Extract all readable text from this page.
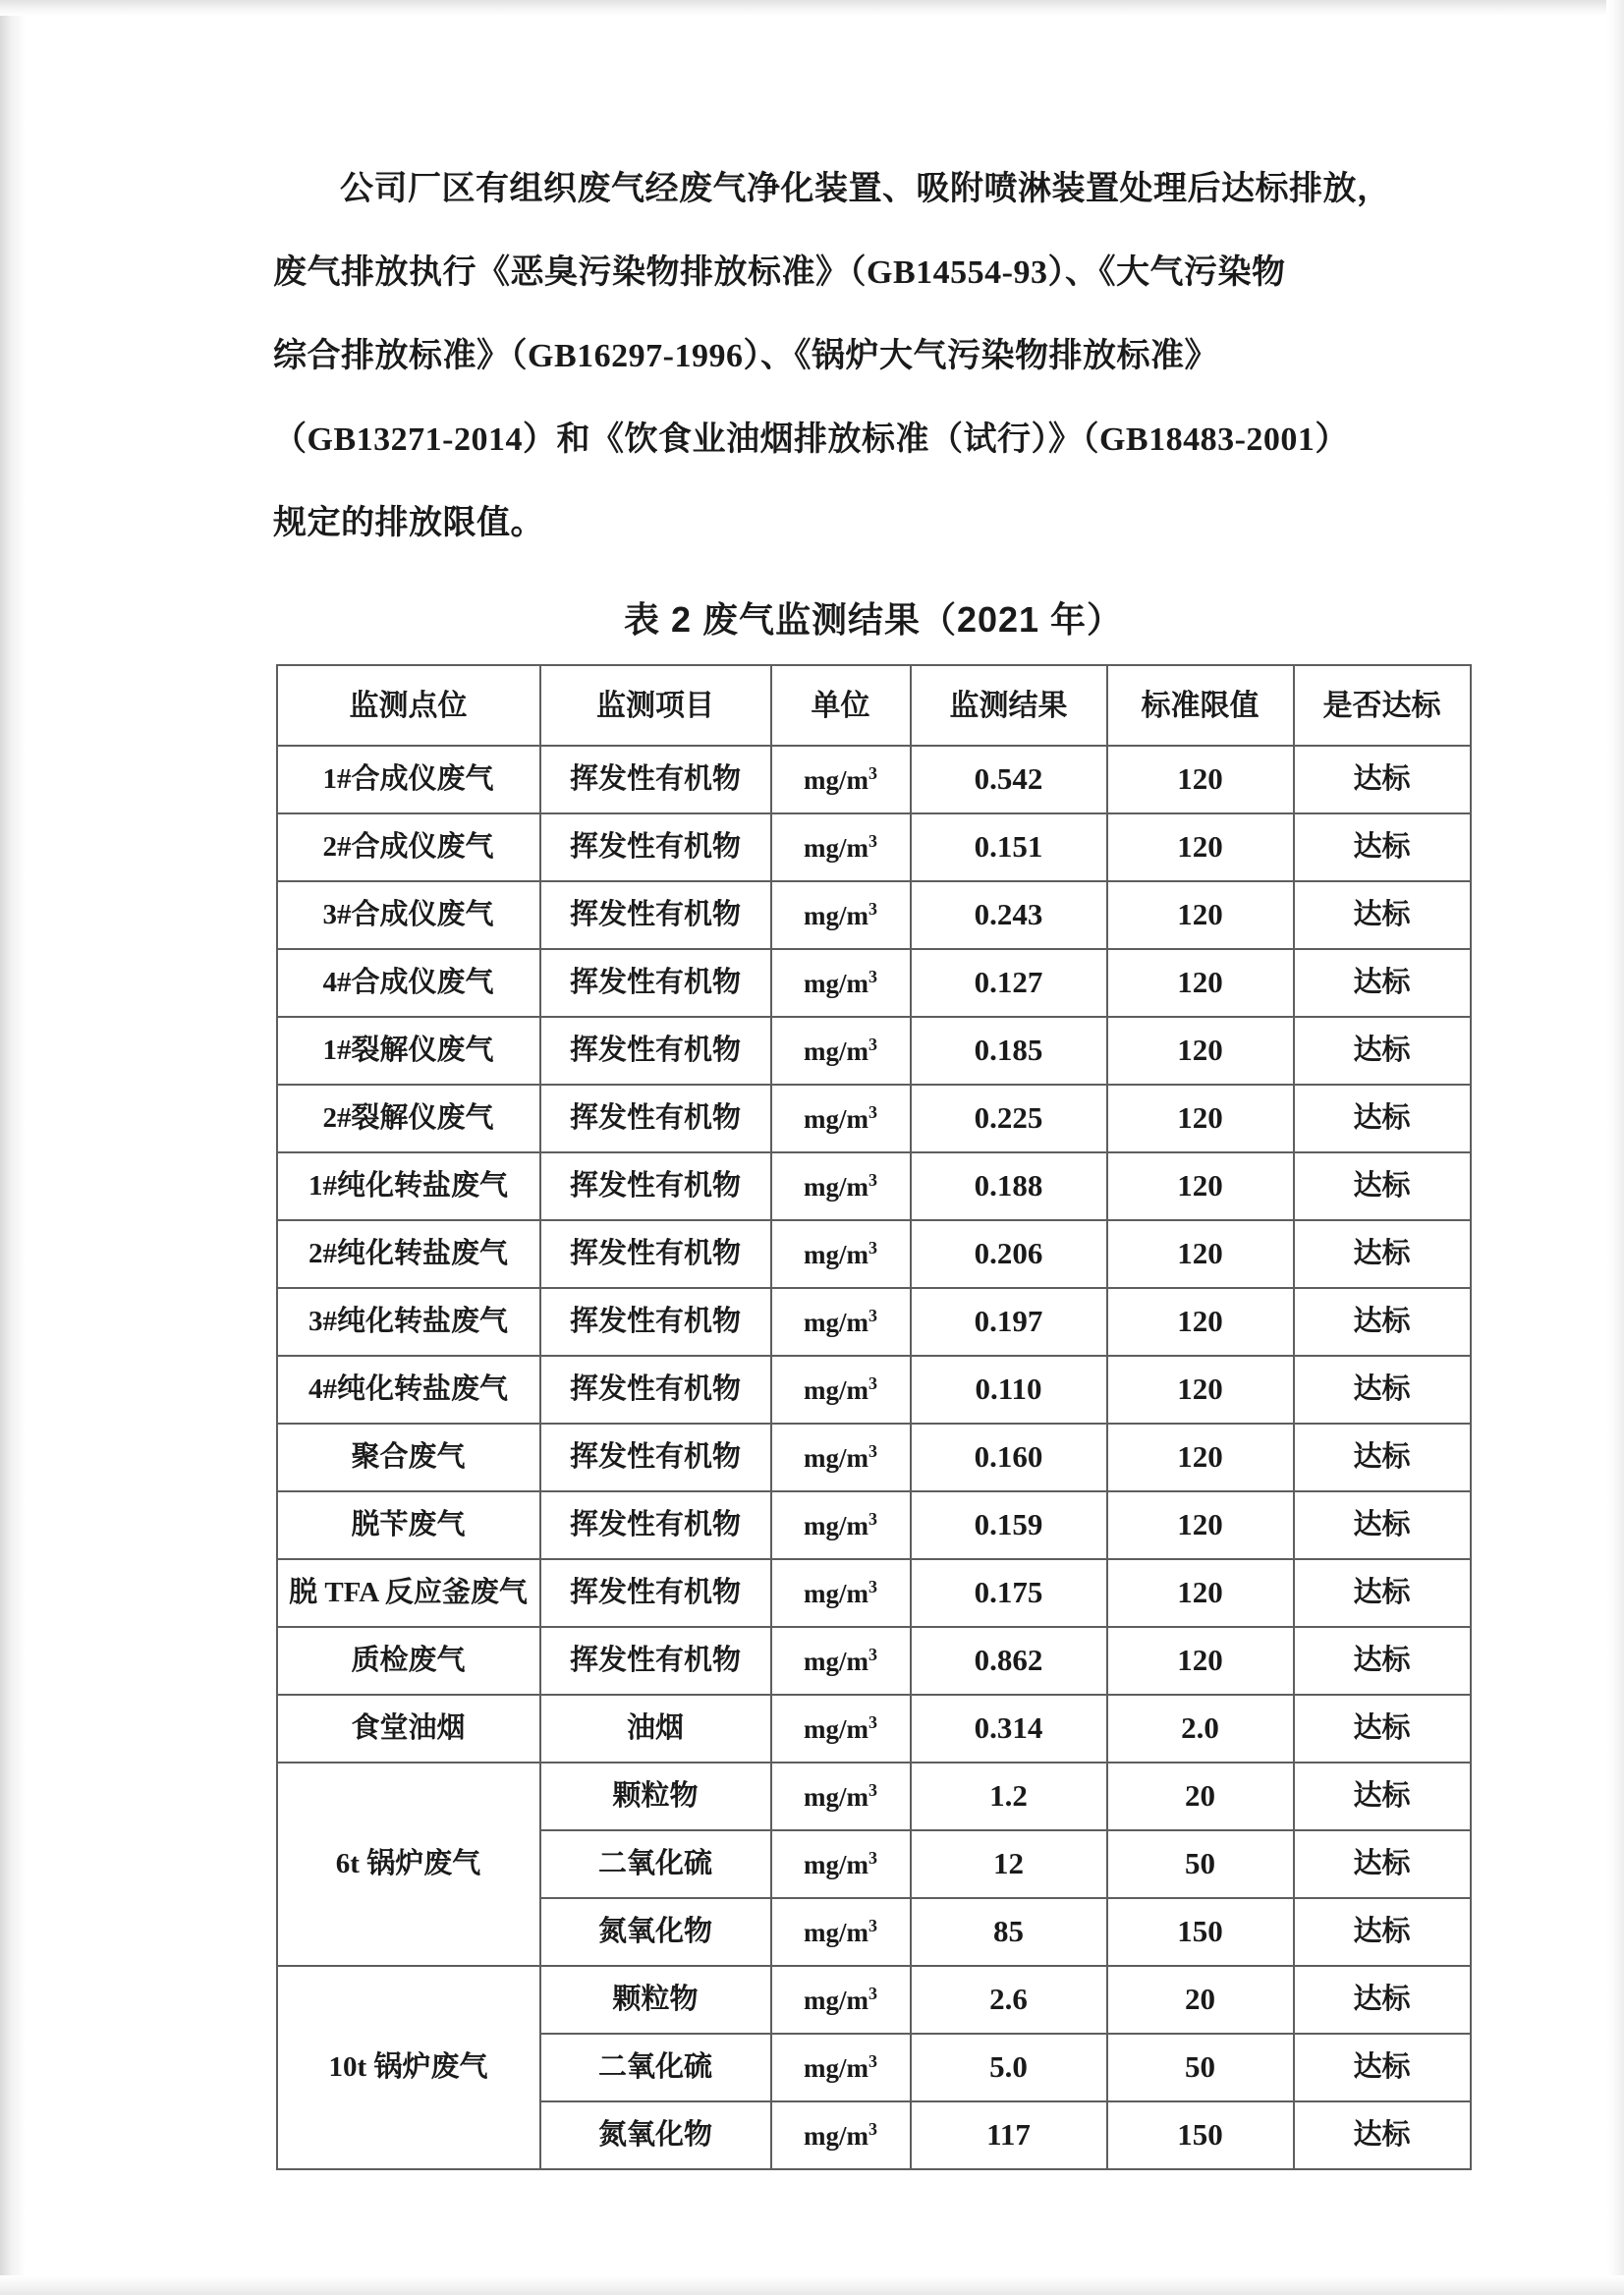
公司厂区有组织废气经废气净化装置、吸附喷淋装置处理后达标排放，
废气排放执行《恶臭污染物排放标准》（GB14554-93）、《大气污染物
综合排放标准》（GB16297-1996）、《锅炉大气污染物排放标准》
（GB13271-2014）和《饮食业油烟排放标准（试行）》（GB18483-2001）
规定的排放限值。

表 2 废气监测结果（2021 年）
监测点位	监测项目	单位	监测结果	标准限值	是否达标
1#合成仪废气	挥发性有机物	$mg/m^3$	0.542	120	达标
2#合成仪废气	挥发性有机物	$mg/m^3$	0.151	120	达标
3#合成仪废气	挥发性有机物	$mg/m^3$	0.243	120	达标
4#合成仪废气	挥发性有机物	$mg/m^3$	0.127	120	达标
1#裂解仪废气	挥发性有机物	$mg/m^3$	0.185	120	达标
2#裂解仪废气	挥发性有机物	$mg/m^3$	0.225	120	达标
1#纯化转盐废气	挥发性有机物	$mg/m^3$	0.188	120	达标
2#纯化转盐废气	挥发性有机物	$mg/m^3$	0.206	120	达标
3#纯化转盐废气	挥发性有机物	$mg/m^3$	0.197	120	达标
4#纯化转盐废气	挥发性有机物	$mg/m^3$	0.110	120	达标
聚合废气	挥发性有机物	$mg/m^3$	0.160	120	达标
脱苄废气	挥发性有机物	$mg/m^3$	0.159	120	达标
脱 TFA 反应釜废气	挥发性有机物	$mg/m^3$	0.175	120	达标
质检废气	挥发性有机物	$mg/m^3$	0.862	120	达标
食堂油烟	油烟	$mg/m^3$	0.314	2.0	达标
6t 锅炉废气	颗粒物	$mg/m^3$	1.2	20	达标
	二氧化硫	$mg/m^3$	12	50	达标
	氮氧化物	$mg/m^3$	85	150	达标
10t 锅炉废气	颗粒物	$mg/m^3$	2.6	20	达标
	二氧化硫	$mg/m^3$	5.0	50	达标
	氮氧化物	$mg/m^3$	117	150	达标
